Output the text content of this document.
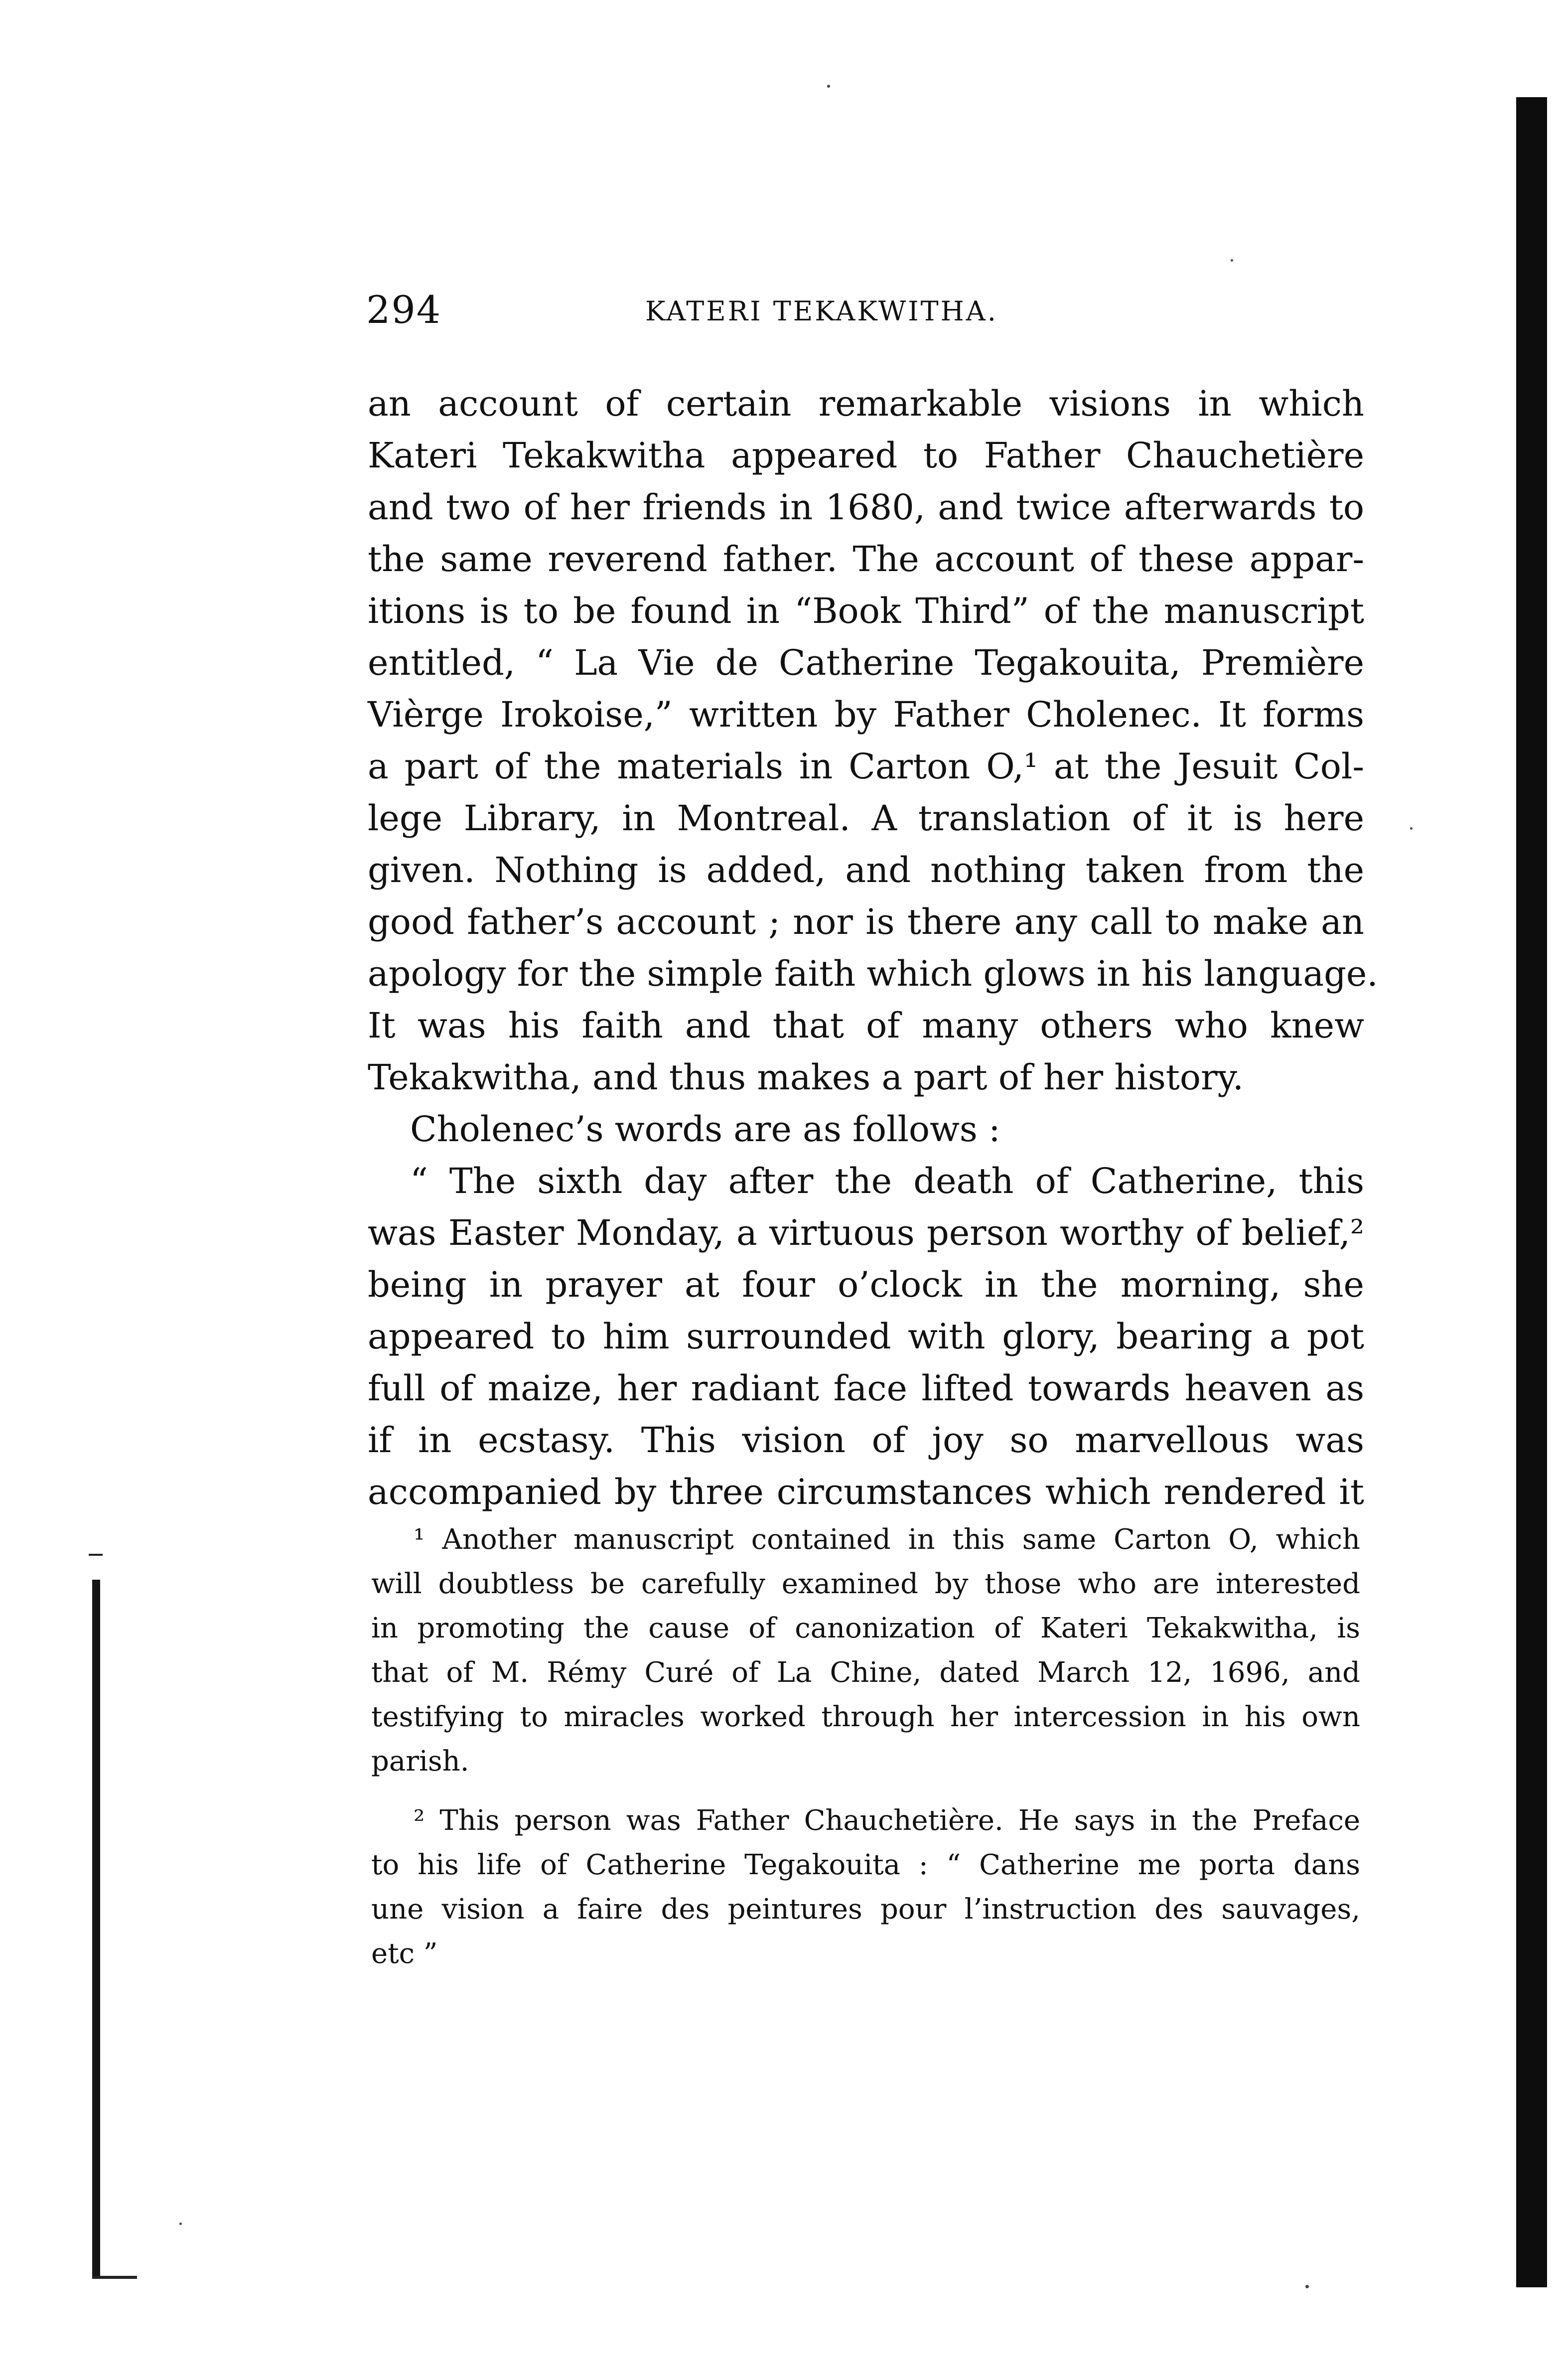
294	KATERI TEKAKWITHA.
an account of certain remarkable visions in which
Kateri Tekakwitha appeared to Father Chauchetière
and two of her friends in 1680, and twice afterwards to
the same reverend father. The account of these appar-
itions is to be found in “Book Third” of the manuscript
entitled, “ La Vie de Catherine Tegakouita, Première
Vièrge Irokoise,” written by Father Cholenec. It forms
a part of the materials in Carton O,¹ at the Jesuit Col-
lege Library, in Montreal. A translation of it is here
given. Nothing is added, and nothing taken from the
good father’s account ; nor is there any call to make an
apology for the simple faith which glows in his language.
It was his faith and that of many others who knew
Tekakwitha, and thus makes a part of her history.
Cholenec’s words are as follows :
“ The sixth day after the death of Catherine, this
was Easter Monday, a virtuous person worthy of belief,²
being in prayer at four o’clock in the morning, she
appeared to him surrounded with glory, bearing a pot
full of maize, her radiant face lifted towards heaven as
if in ecstasy. This vision of joy so marvellous was
accompanied by three circumstances which rendered it
¹ Another manuscript contained in this same Carton O, which
will doubtless be carefully examined by those who are interested
in promoting the cause of canonization of Kateri Tekakwitha, is
that of M. Rémy Curé of La Chine, dated March 12, 1696, and
testifying to miracles worked through her intercession in his own
parish.
² This person was Father Chauchetière. He says in the Preface
to his life of Catherine Tegakouita : “ Catherine me porta dans
une vision a faire des peintures pour l’instruction des sauvages,
etc ”
